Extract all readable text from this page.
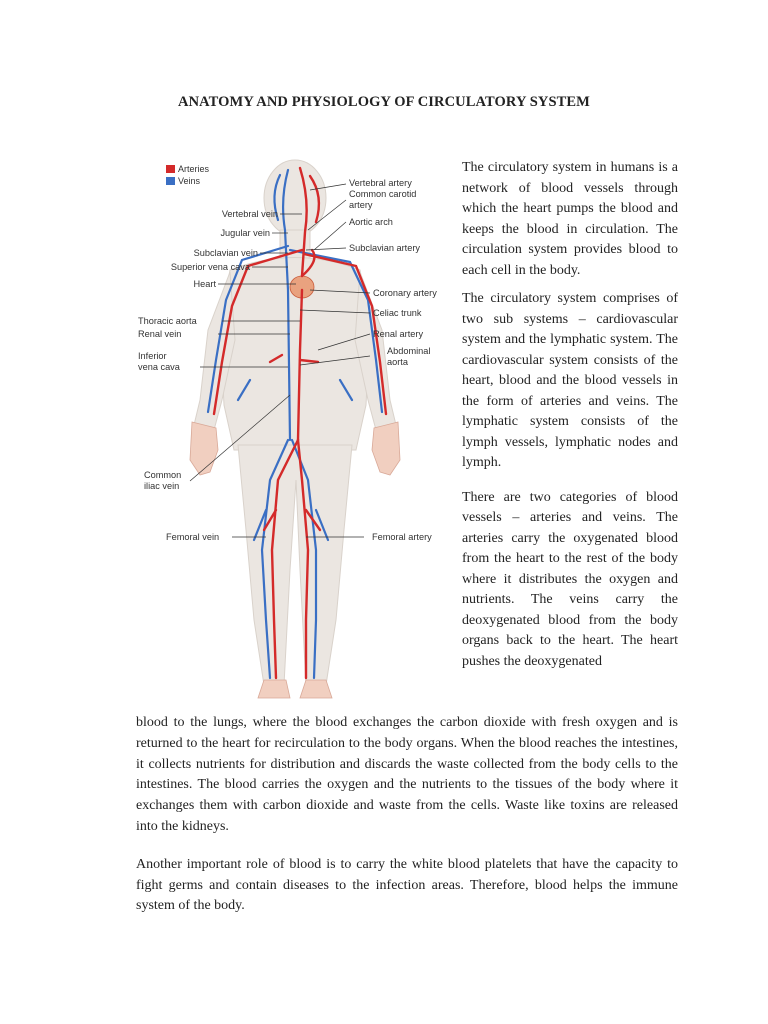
ANATOMY AND PHYSIOLOGY OF CIRCULATORY SYSTEM
Arteries
Veins
Vertebral vein
Jugular vein
Subclavian vein
Superior vena cava
Heart
Thoracic aorta
Renal vein
Inferior
vena cava
Common
iliac vein
Femoral vein
Vertebral artery
Common carotid
artery
Aortic arch
Subclavian artery
Coronary artery
Celiac trunk
Renal artery
Abdominal
aorta
Femoral artery

The circulatory system in humans is a network of blood vessels through which the heart pumps the blood and keeps the blood in circulation. The circulation system provides blood to each cell in the body.

The circulatory system comprises of two sub systems – cardiovascular system and the lymphatic system. The cardiovascular system consists of the heart, blood and the blood vessels in the form of arteries and veins. The lymphatic system consists of the lymph vessels, lymphatic nodes and lymph.

There are two categories of blood vessels – arteries and veins. The arteries carry the oxygenated blood from the heart to the rest of the body where it distributes the oxygen and nutrients. The veins carry the deoxygenated blood from the body organs back to the heart. The heart pushes the deoxygenated

blood to the lungs, where the blood exchanges the carbon dioxide with fresh oxygen and is returned to the heart for recirculation to the body organs. When the blood reaches the intestines, it collects nutrients for distribution and discards the waste collected from the body cells to the intestines. The blood carries the oxygen and the nutrients to the tissues of the body where it exchanges them with carbon dioxide and waste from the cells. Waste like toxins are released into the kidneys.

Another important role of blood is to carry the white blood platelets that have the capacity to fight germs and contain diseases to the infection areas. Therefore, blood helps the immune system of the body.
